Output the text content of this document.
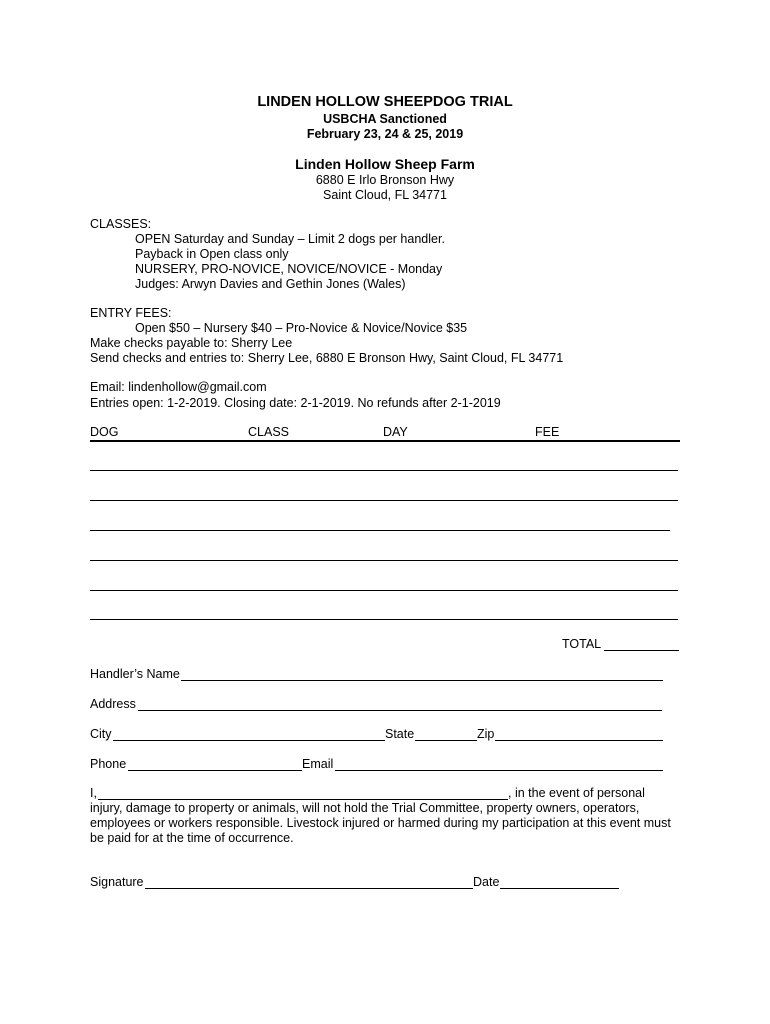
LINDEN HOLLOW SHEEPDOG TRIAL
USBCHA Sanctioned
February 23, 24 & 25, 2019
Linden Hollow Sheep Farm
6880 E Irlo Bronson Hwy
Saint Cloud, FL 34771
CLASSES:
OPEN Saturday and Sunday – Limit 2 dogs per handler.
Payback in Open class only
NURSERY, PRO-NOVICE, NOVICE/NOVICE - Monday
Judges: Arwyn Davies and Gethin Jones (Wales)
ENTRY FEES:
Open $50 – Nursery $40 – Pro-Novice & Novice/Novice $35
Make checks payable to: Sherry Lee
Send checks and entries to: Sherry Lee, 6880 E Bronson Hwy, Saint Cloud, FL 34771
Email: lindenhollow@gmail.com
Entries open: 1-2-2019. Closing date: 2-1-2019. No refunds after 2-1-2019
DOG	CLASS	DAY	FEE
TOTAL
Handler’s Name
Address
City	State	Zip
Phone	Email
I,	, in the event of personal
injury, damage to property or animals, will not hold the Trial Committee, property owners, operators,
employees or workers responsible. Livestock injured or harmed during my participation at this event must
be paid for at the time of occurrence.
Signature	Date
